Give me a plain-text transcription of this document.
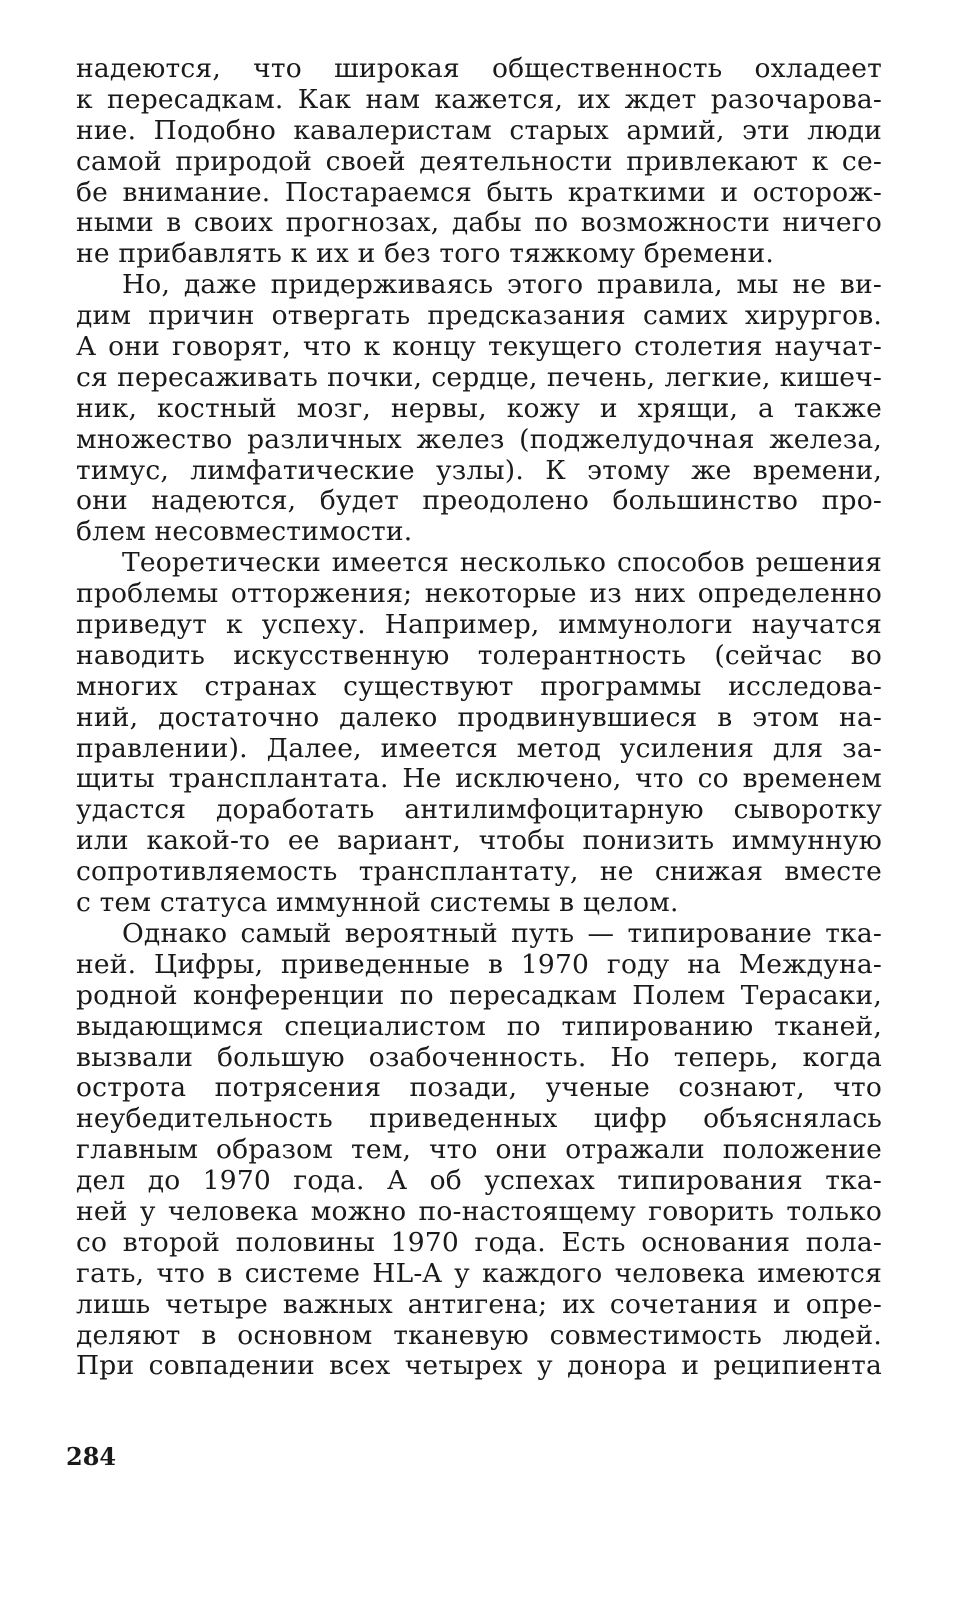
надеются, что широкая общественность охладеет
к пересадкам. Как нам кажется, их ждет разочарова-
ние. Подобно кавалеристам старых армий, эти люди
самой природой своей деятельности привлекают к се-
бе внимание. Постараемся быть краткими и осторож-
ными в своих прогнозах, дабы по возможности ничего
не прибавлять к их и без того тяжкому бремени.
Но, даже придерживаясь этого правила, мы не ви-
дим причин отвергать предсказания самих хирургов.
А они говорят, что к концу текущего столетия научат-
ся пересаживать почки, сердце, печень, легкие, кишеч-
ник, костный мозг, нервы, кожу и хрящи, а также
множество различных желез (поджелудочная железа,
тимус, лимфатические узлы). К этому же времени,
они надеются, будет преодолено большинство про-
блем несовместимости.
Теоретически имеется несколько способов решения
проблемы отторжения; некоторые из них определенно
приведут к успеху. Например, иммунологи научатся
наводить искусственную толерантность (сейчас во
многих странах существуют программы исследова-
ний, достаточно далеко продвинувшиеся в этом на-
правлении). Далее, имеется метод усиления для за-
щиты трансплантата. Не исключено, что со временем
удастся доработать антилимфоцитарную сыворотку
или какой-то ее вариант, чтобы понизить иммунную
сопротивляемость трансплантату, не снижая вместе
с тем статуса иммунной системы в целом.
Однако самый вероятный путь — типирование тка-
ней. Цифры, приведенные в 1970 году на Междуна-
родной конференции по пересадкам Полем Терасаки,
выдающимся специалистом по типированию тканей,
вызвали большую озабоченность. Но теперь, когда
острота потрясения позади, ученые сознают, что
неубедительность приведенных цифр объяснялась
главным образом тем, что они отражали положение
дел до 1970 года. А об успехах типирования тка-
ней у человека можно по-настоящему говорить только
со второй половины 1970 года. Есть основания пола-
гать, что в системе HL-A у каждого человека имеются
лишь четыре важных антигена; их сочетания и опре-
деляют в основном тканевую совместимость людей.
При совпадении всех четырех у донора и реципиента
284
